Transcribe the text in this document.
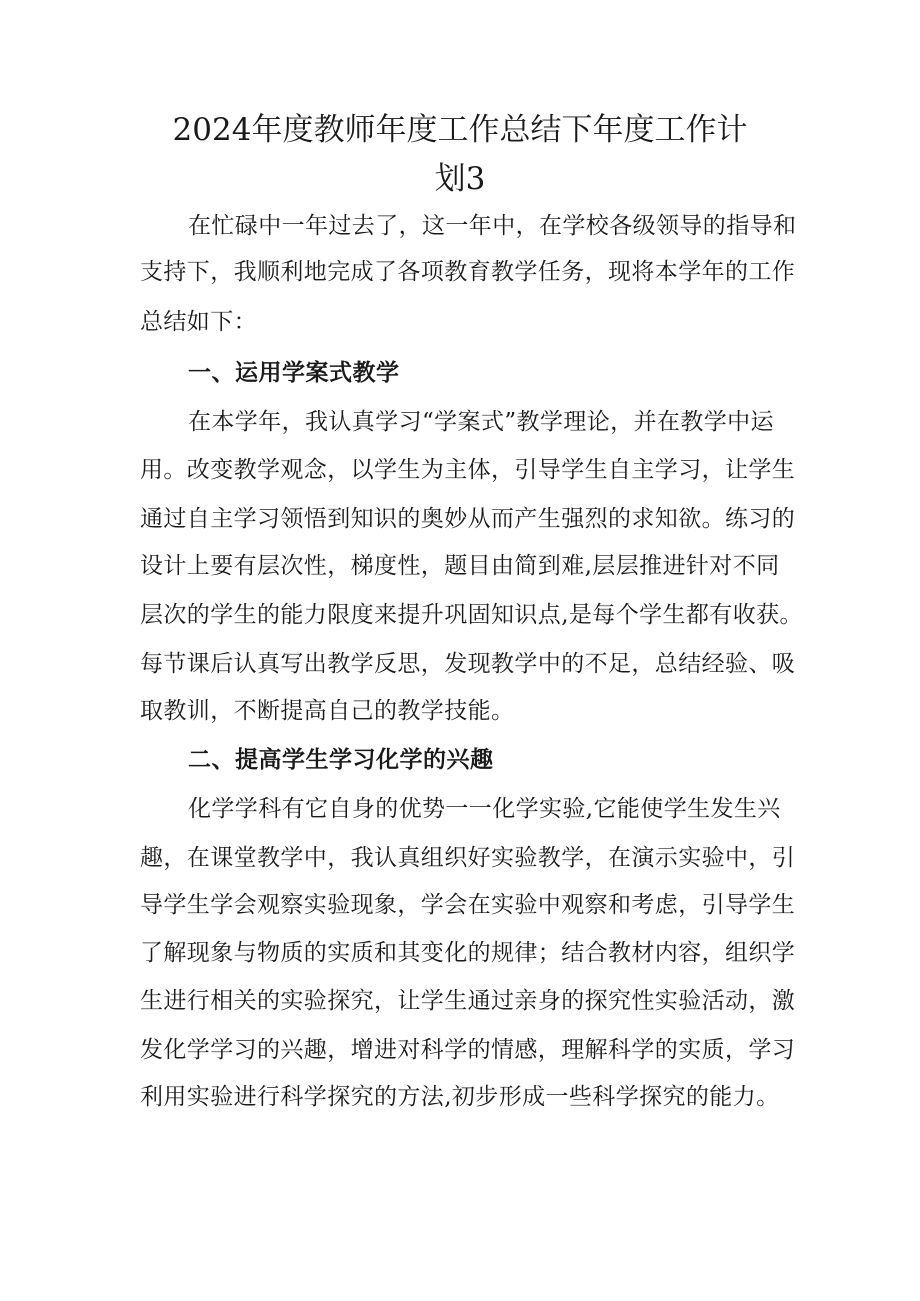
2024年度教师年度工作总结下年度工作计
划3

在忙碌中一年过去了，这一年中，在学校各级领导的指导和

支持下，我顺利地完成了各项教育教学任务，现将本学年的工作

总结如下：

一、运用学案式教学

在本学年，我认真学习“学案式”教学理论，并在教学中运

用。改变教学观念，以学生为主体，引导学生自主学习，让学生

通过自主学习领悟到知识的奥妙从而产生强烈的求知欲。练习的

设计上要有层次性，梯度性，题目由简到难,层层推进针对不同

层次的学生的能力限度来提升巩固知识点,是每个学生都有收获。

每节课后认真写出教学反思，发现教学中的不足，总结经验、吸

取教训，不断提高自己的教学技能。

二、提高学生学习化学的兴趣

化学学科有它自身的优势一一化学实验,它能使学生发生兴

趣，在课堂教学中，我认真组织好实验教学，在演示实验中，引

导学生学会观察实验现象，学会在实验中观察和考虑，引导学生

了解现象与物质的实质和其变化的规律；结合教材内容，组织学

生进行相关的实验探究，让学生通过亲身的探究性实验活动，激

发化学学习的兴趣，增进对科学的情感，理解科学的实质，学习

利用实验进行科学探究的方法,初步形成一些科学探究的能力。
